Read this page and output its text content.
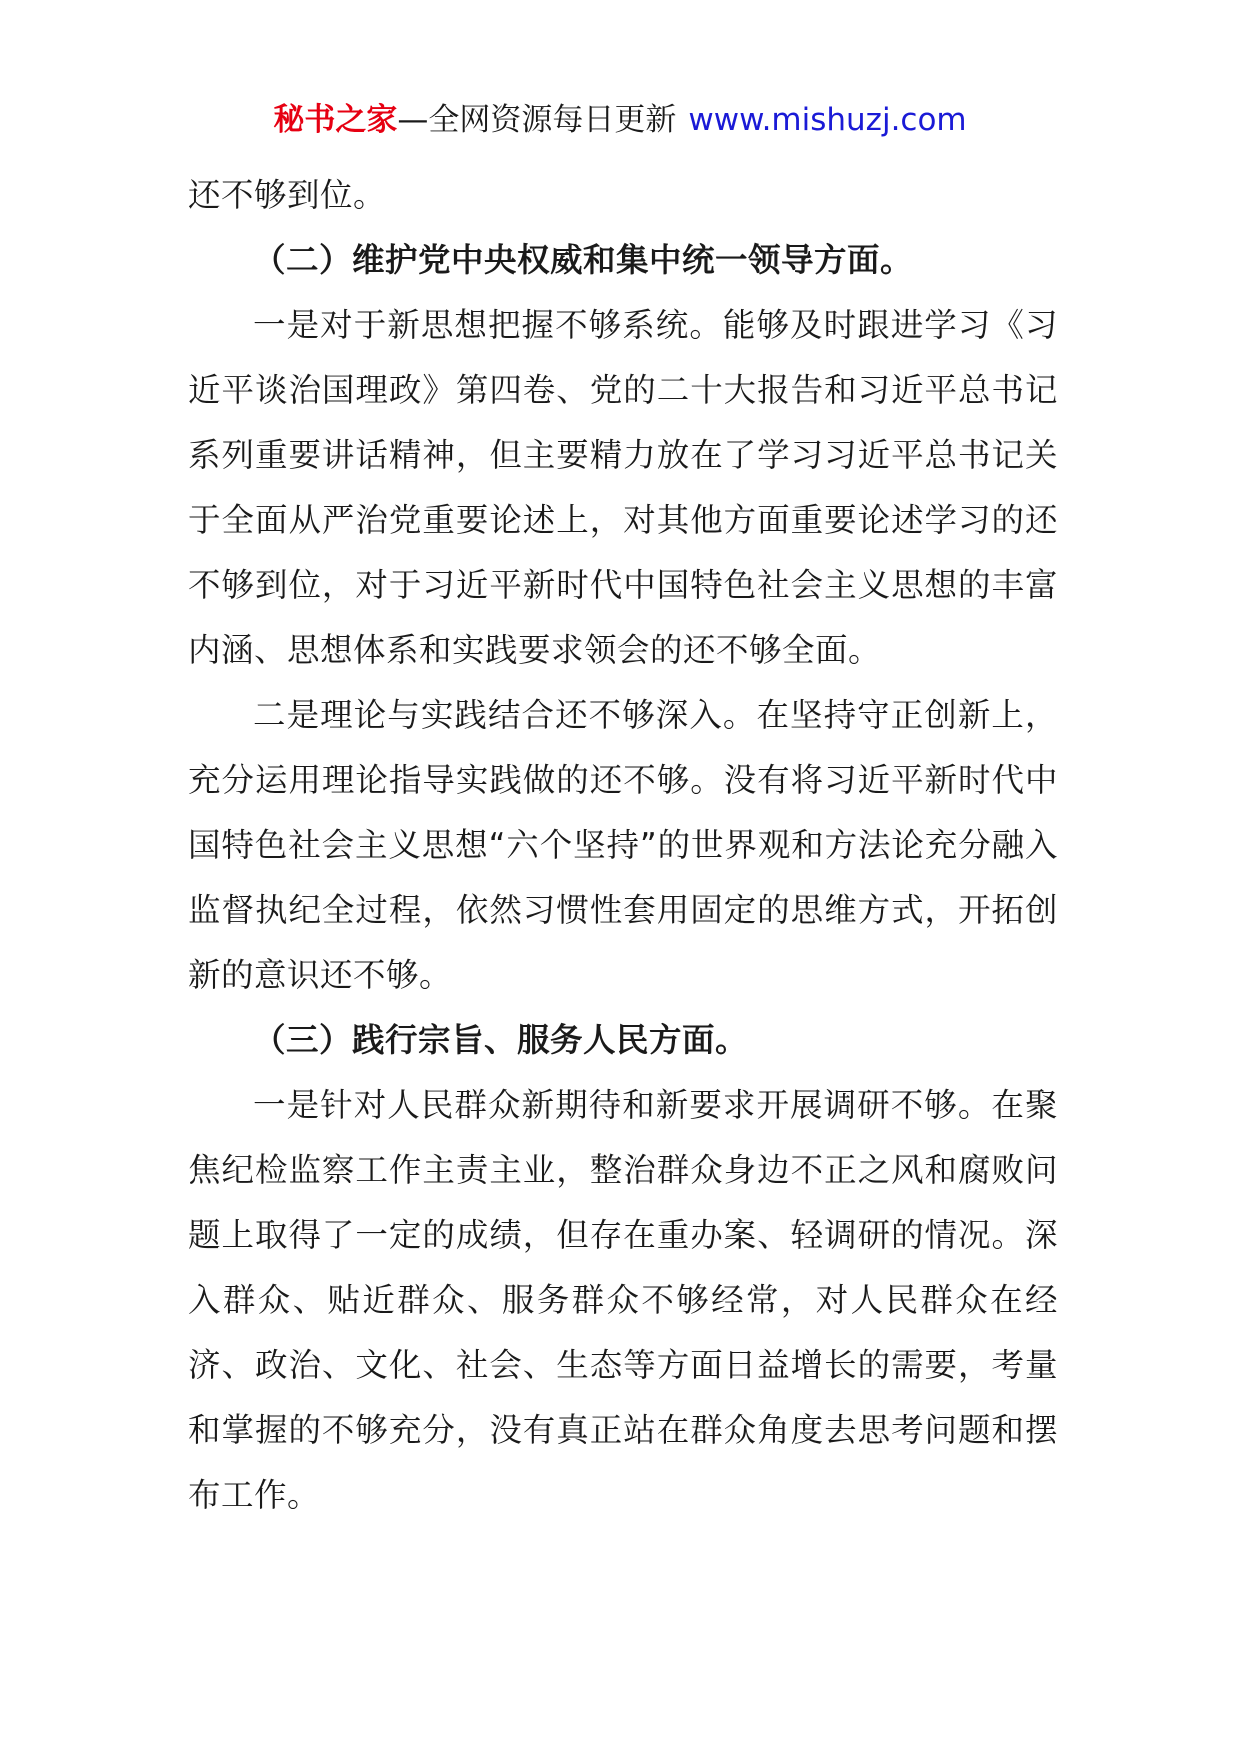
秘书之家—全网资源每日更新 www.mishuzj.com

还不够到位。

（二）维护党中央权威和集中统一领导方面。

一是对于新思想把握不够系统。能够及时跟进学习《习近平谈治国理政》第四卷、党的二十大报告和习近平总书记系列重要讲话精神，但主要精力放在了学习习近平总书记关于全面从严治党重要论述上，对其他方面重要论述学习的还不够到位，对于习近平新时代中国特色社会主义思想的丰富内涵、思想体系和实践要求领会的还不够全面。

二是理论与实践结合还不够深入。在坚持守正创新上，充分运用理论指导实践做的还不够。没有将习近平新时代中国特色社会主义思想“六个坚持”的世界观和方法论充分融入监督执纪全过程，依然习惯性套用固定的思维方式，开拓创新的意识还不够。

（三）践行宗旨、服务人民方面。

一是针对人民群众新期待和新要求开展调研不够。在聚焦纪检监察工作主责主业，整治群众身边不正之风和腐败问题上取得了一定的成绩，但存在重办案、轻调研的情况。深入群众、贴近群众、服务群众不够经常，对人民群众在经济、政治、文化、社会、生态等方面日益增长的需要，考量和掌握的不够充分，没有真正站在群众角度去思考问题和摆布工作。
